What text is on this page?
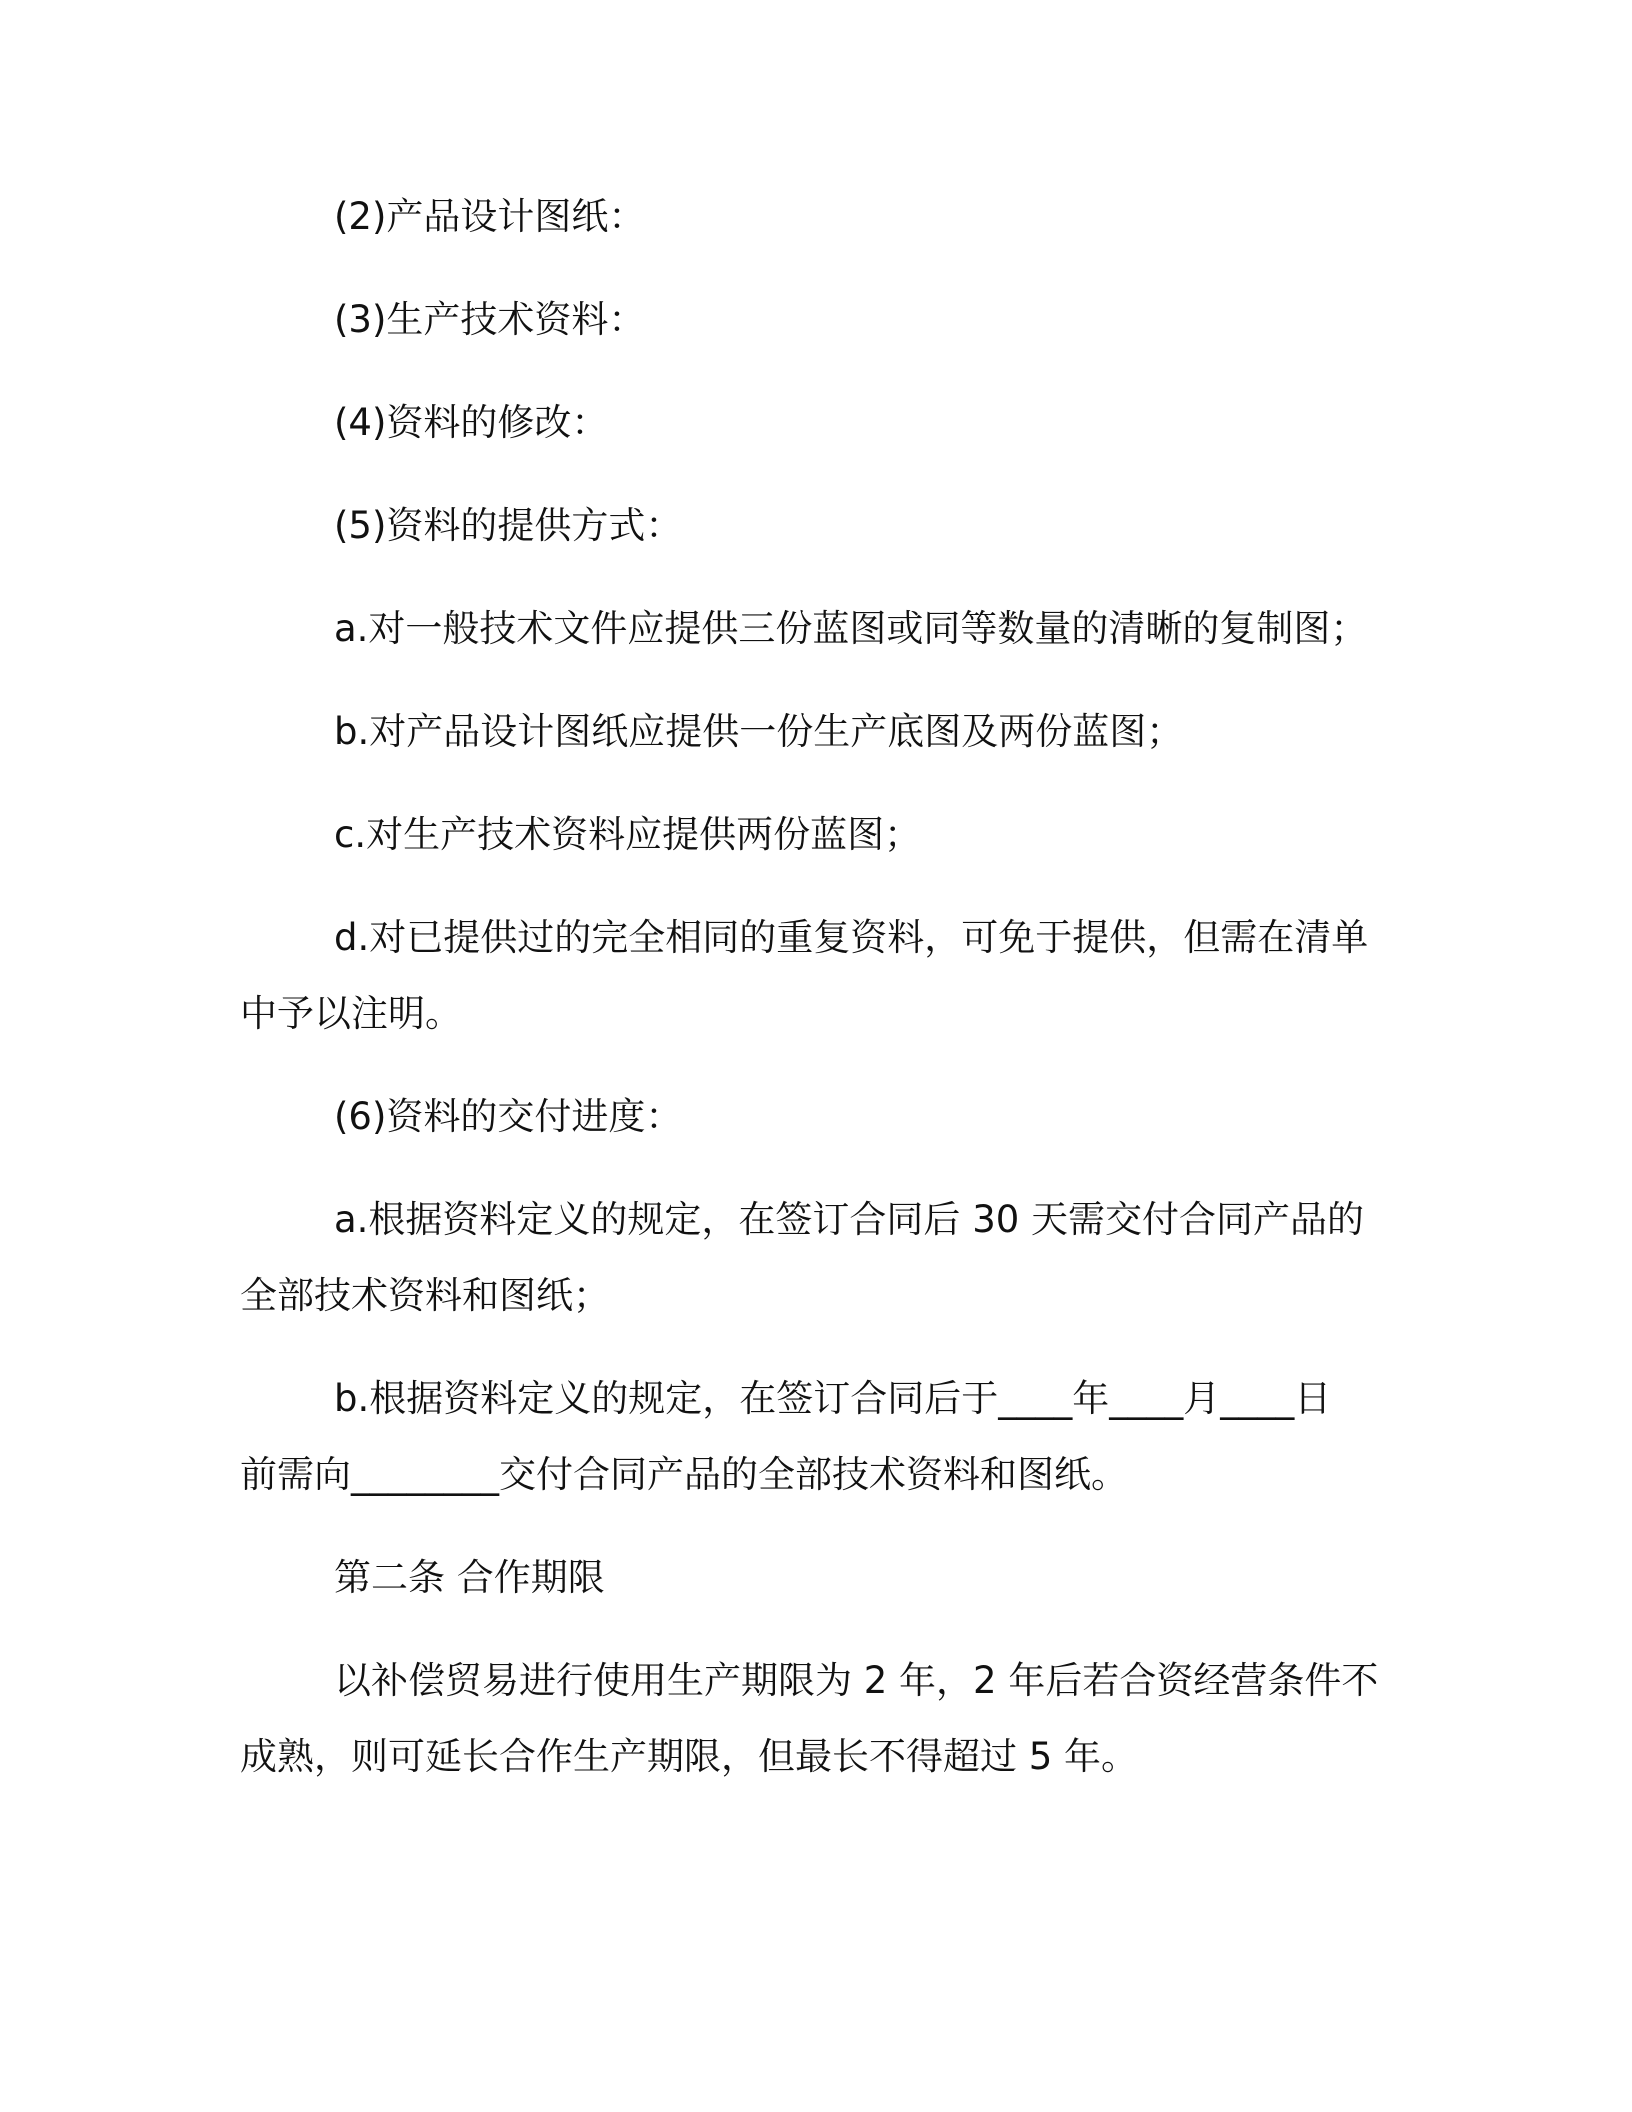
(2)产品设计图纸：
(3)生产技术资料：
(4)资料的修改：
(5)资料的提供方式：
a.对一般技术文件应提供三份蓝图或同等数量的清晰的复制图；
b.对产品设计图纸应提供一份生产底图及两份蓝图；
c.对生产技术资料应提供两份蓝图；
d.对已提供过的完全相同的重复资料，可免于提供，但需在清单
中予以注明。
(6)资料的交付进度：
a.根据资料定义的规定，在签订合同后 30 天需交付合同产品的
全部技术资料和图纸；
b.根据资料定义的规定，在签订合同后于____年____月____日
前需向________交付合同产品的全部技术资料和图纸。
第二条 合作期限
以补偿贸易进行使用生产期限为 2 年，2 年后若合资经营条件不
成熟，则可延长合作生产期限，但最长不得超过 5 年。
